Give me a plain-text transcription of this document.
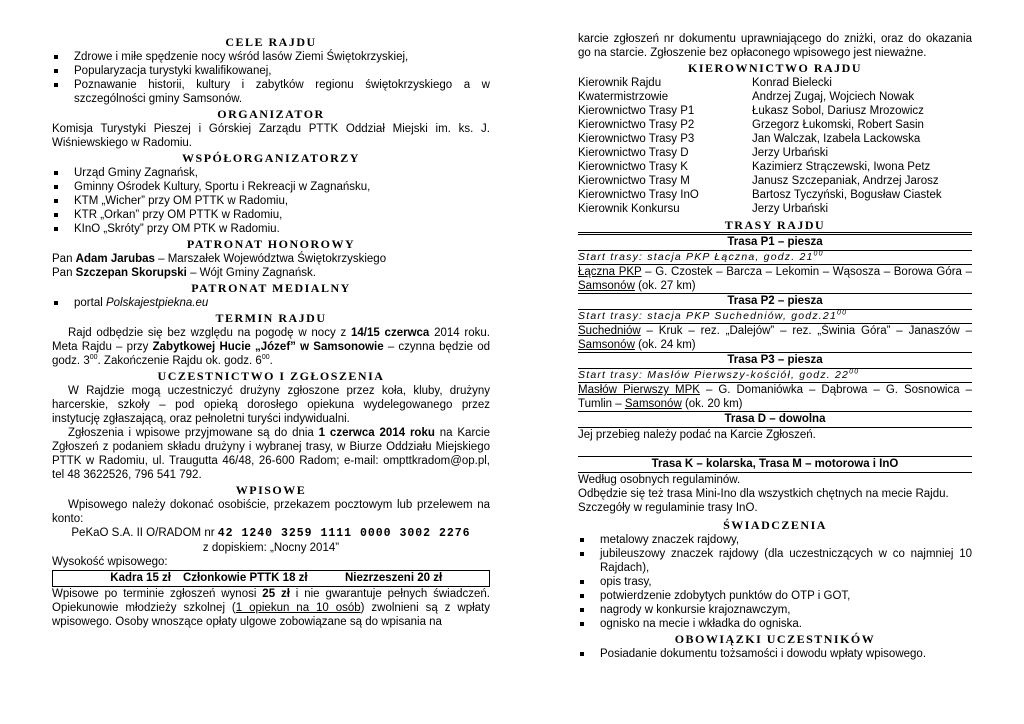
CELE RAJDU
Zdrowe i miłe spędzenie nocy wśród lasów Ziemi Świętokrzyskiej,
Popularyzacja turystyki kwalifikowanej,
Poznawanie historii, kultury i zabytków regionu świętokrzyskiego a w szczególności gminy Samsonów.
ORGANIZATOR

Komisja Turystyki Pieszej i Górskiej Zarządu PTTK Oddział Miejski im. ks. J. Wiśniewskiego w Radomiu.

WSPÓŁORGANIZATORZY
Urząd Gminy Zagnańsk,
Gminny Ośrodek Kultury, Sportu i Rekreacji w Zagnańsku,
KTM „Wicher” przy OM PTTK w Radomiu,
KTR „Orkan” przy OM PTTK w Radomiu,
KInO „Skróty” przy OM PTK w Radomiu.
PATRONAT HONOROWY

Pan Adam Jarubas – Marszałek Województwa Świętokrzyskiego

Pan Szczepan Skorupski – Wójt Gminy Zagnańsk.

PATRONAT MEDIALNY
portal Polskajestpiekna.eu
TERMIN RAJDU

Rajd odbędzie się bez względu na pogodę w nocy z 14/15 czerwca 2014 roku. Meta Rajdu – przy Zabytkowej Hucie „Józef” w Samsonowie – czynna będzie od godz. $3^{00}$. Zakończenie Rajdu ok. godz. $6^{00}$.

UCZESTNICTWO I ZGŁOSZENIA

W Rajdzie mogą uczestniczyć drużyny zgłoszone przez koła, kluby, drużyny harcerskie, szkoły – pod opieką dorosłego opiekuna wydelegowanego przez instytucję zgłaszającą, oraz pełnoletni turyści indywidualni.

Zgłoszenia i wpisowe przyjmowane są do dnia 1 czerwca 2014 roku na Karcie Zgłoszeń z podaniem składu drużyny i wybranej trasy, w Biurze Oddziału Miejskiego PTTK w Radomiu, ul. Traugutta 46/48, 26-600 Radom; e-mail: ompttkradom@op.pl, tel 48 3622526, 796 541 792.

WPISOWE

Wpisowego należy dokonać osobiście, przekazem pocztowym lub przelewem na konto:

PeKaO S.A. II O/RADOM nr 42 1240 3259 1111 0000 3002 2276

z dopiskiem: „Nocny 2014”

Wysokość wpisowego:

Kadra 15 zł	Członkowie PTTK 18 zł	Niezrzeszeni 20 zł

Wpisowe po terminie zgłoszeń wynosi 25 zł i nie gwarantuje pełnych świadczeń. Opiekunowie młodzieży szkolnej (1 opiekun na 10 osób) zwolnieni są z wpłaty wpisowego. Osoby wnoszące opłaty ulgowe zobowiązane są do wpisania na

karcie zgłoszeń nr dokumentu uprawniającego do zniżki, oraz do okazania go na starcie. Zgłoszenie bez opłaconego wpisowego jest nieważne.

KIEROWNICTWO RAJDU
Kierownik Rajdu	Konrad Bielecki
Kwatermistrzowie	Andrzej Zugaj, Wojciech Nowak
Kierownictwo Trasy P1	Łukasz Sobol, Dariusz Mrozowicz
Kierownictwo Trasy P2	Grzegorz Łukomski, Robert Sasin
Kierownictwo Trasy P3	Jan Walczak, Izabela Lackowska
Kierownictwo Trasy D	Jerzy Urbański
Kierownictwo Trasy K	Kazimierz Strączewski, Iwona Petz
Kierownictwo Trasy M	Janusz Szczepaniak, Andrzej Jarosz
Kierownictwo Trasy InO	Bartosz Tyczyński, Bogusław Ciastek
Kierownik Konkursu	Jerzy Urbański
TRASY RAJDU
Trasa P1 – piesza
Start trasy: stacja PKP Łączna, godz. $21^{00}$

Łączna PKP – G. Czostek – Barcza – Lekomin – Wąsosza – Borowa Góra – Samsonów (ok. 27 km)

Trasa P2 – piesza
Start trasy: stacja PKP Suchedniów, $godz.21^{00}$

Suchedniów – Kruk – rez. „Dalejów” – rez. „Świnia Góra” – Janaszów – Samsonów (ok. 24 km)

Trasa P3 – piesza
Start trasy: Masłów Pierwszy-kościół, godz. $22^{00}$

Masłów Pierwszy MPK – G. Domaniówka – Dąbrowa – G. Sosnowica – Tumlin – Samsonów (ok. 20 km)

Trasa D – dowolna

Jej przebieg należy podać na Karcie Zgłoszeń.

Trasa K – kolarska, Trasa M – motorowa i InO

Według osobnych regulaminów.

Odbędzie się też trasa Mini-Ino dla wszystkich chętnych na mecie Rajdu.

Szczegóły w regulaminie trasy InO.

ŚWIADCZENIA
metalowy znaczek rajdowy,
jubileuszowy znaczek rajdowy (dla uczestniczących w co najmniej 10 Rajdach),
opis trasy,
potwierdzenie zdobytych punktów do OTP i GOT,
nagrody w konkursie krajoznawczym,
ognisko na mecie i wkładka do ogniska.
OBOWIĄZKI UCZESTNIKÓW
Posiadanie dokumentu tożsamości i dowodu wpłaty wpisowego.
